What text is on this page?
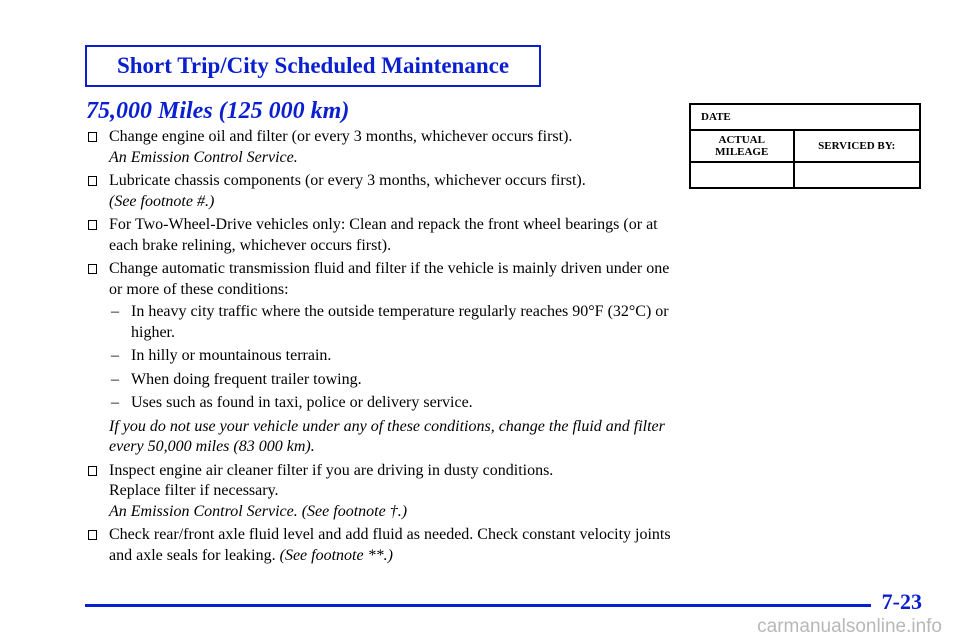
Short Trip/City Scheduled Maintenance
75,000 Miles (125 000 km)
Change engine oil and filter (or every 3 months, whichever occurs first).
An Emission Control Service.
Lubricate chassis components (or every 3 months, whichever occurs first).
(See footnote #.)
For Two-Wheel-Drive vehicles only: Clean and repack the front wheel bearings (or at each brake relining, whichever occurs first).
Change automatic transmission fluid and filter if the vehicle is mainly driven under one or more of these conditions:
– In heavy city traffic where the outside temperature regularly reaches 90°F (32°C) or higher.
– In hilly or mountainous terrain.
– When doing frequent trailer towing.
– Uses such as found in taxi, police or delivery service.
If you do not use your vehicle under any of these conditions, change the fluid and filter every 50,000 miles (83 000 km).
Inspect engine air cleaner filter if you are driving in dusty conditions.
Replace filter if necessary.
An Emission Control Service. (See footnote †.)
Check rear/front axle fluid level and add fluid as needed. Check constant velocity joints and axle seals for leaking. (See footnote **.)
DATE	

ACTUAL
MILEAGE	SERVICED BY:

7-23
carmanualsonline.info
